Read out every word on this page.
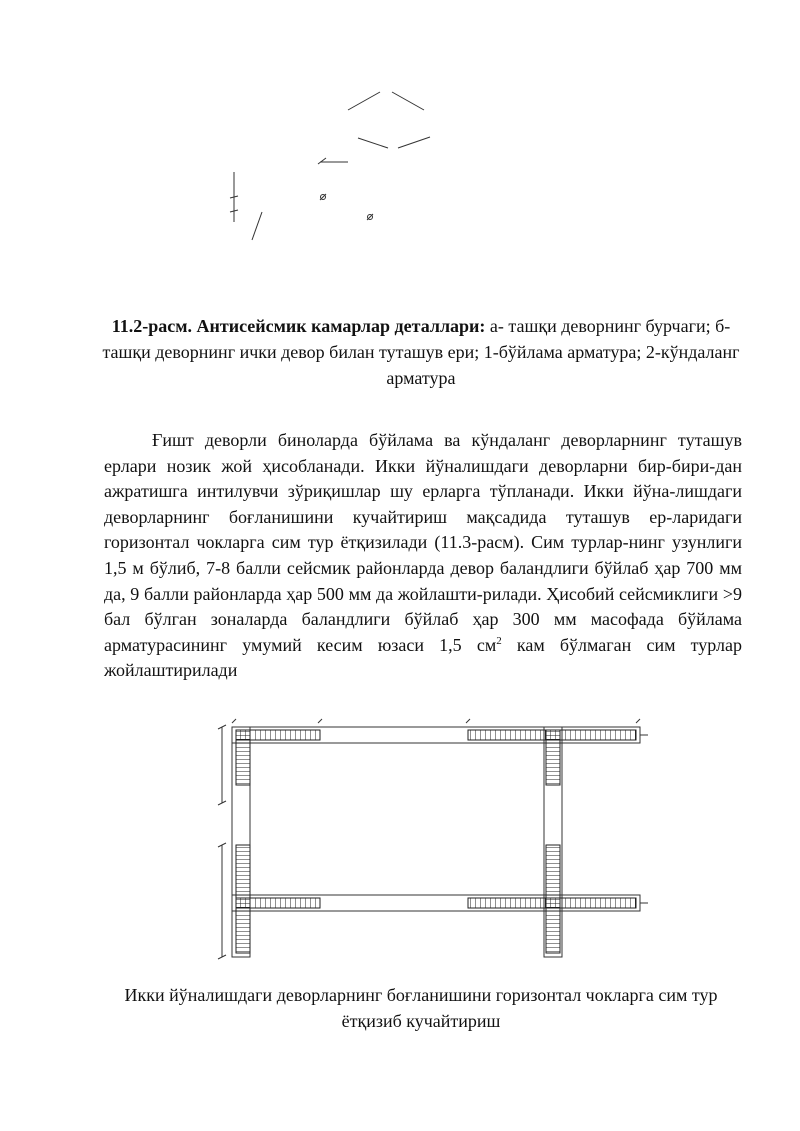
11.2-расм. Антисейсмик камарлар деталлари: а- ташқи деворнинг бурчаги; б- ташқи деворнинг ички девор билан туташув ери; 1-бўйлама арматура; 2-кўндаланг арматура

Ғишт деворли биноларда бўйлама ва кўндаланг деворларнинг туташув ерлари нозик жой ҳисобланади. Икки йўналишдаги деворларни бир-бири-дан ажратишга интилувчи зўриқишлар шу ерларга тўпланади. Икки йўна-лишдаги деворларнинг боғланишини кучайтириш мақсадида туташув ер-ларидаги горизонтал чокларга сим тур ётқизилади (11.3-расм). Сим турлар-нинг узунлиги 1,5 м бўлиб, 7-8 балли сейсмик районларда девор баландлиги бўйлаб ҳар 700 мм да, 9 балли районларда ҳар 500 мм да жойлашти-рилади. Ҳисобий сейсмиклиги >9 бал бўлган зоналарда баландлиги бўйлаб ҳар 300 мм масофада бўйлама арматурасининг умумий кесим юзаси 1,5 $см^2$ кам бўлмаган сим турлар жойлаштирилади

Икки йўналишдаги деворларнинг боғланишини горизонтал чокларга сим тур ётқизиб кучайтириш
